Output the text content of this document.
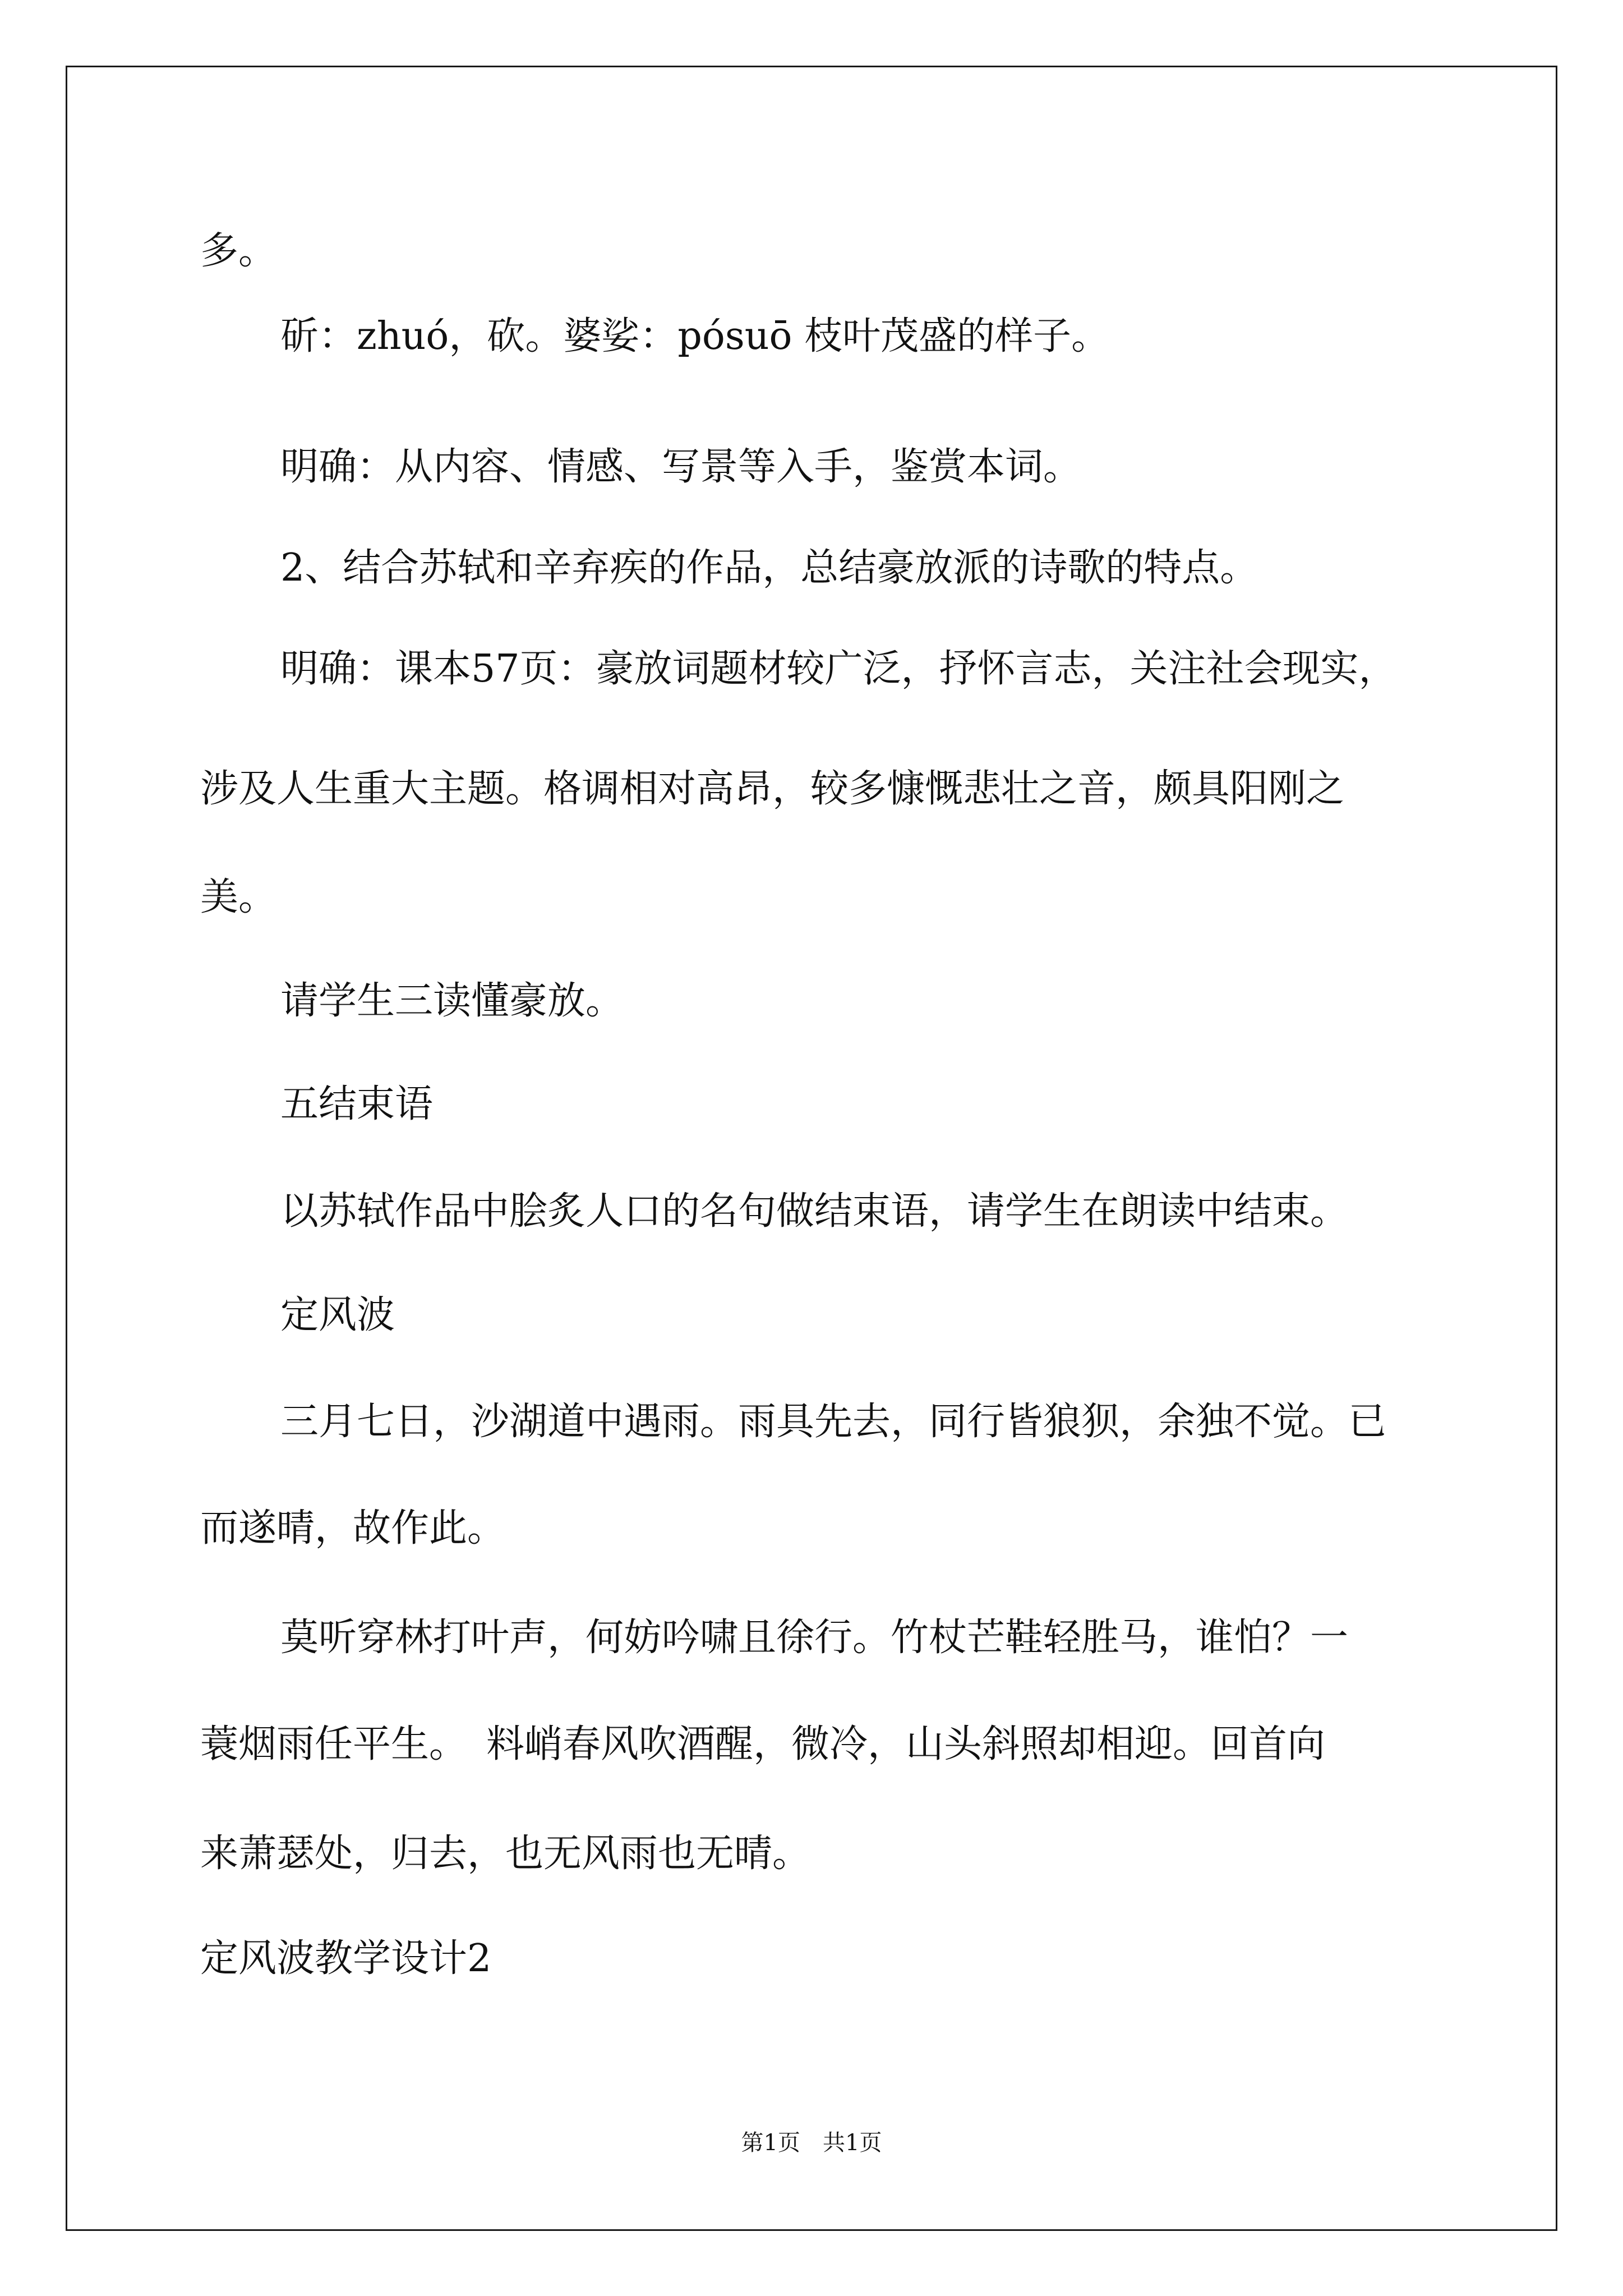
多。

斫：zhuó，砍。婆娑：pósuō 枝叶茂盛的样子。

明确：从内容、情感、写景等入手，鉴赏本词。

2、结合苏轼和辛弃疾的作品，总结豪放派的诗歌的特点。

明确：课本57页：豪放词题材较广泛，抒怀言志，关注社会现实，

涉及人生重大主题。格调相对高昂，较多慷慨悲壮之音，颇具阳刚之

美。

请学生三读懂豪放。

五结束语

以苏轼作品中脍炙人口的名句做结束语，请学生在朗读中结束。

定风波

三月七日，沙湖道中遇雨。雨具先去，同行皆狼狈，余独不觉。已

而遂晴，故作此。

莫听穿林打叶声，何妨吟啸且徐行。竹杖芒鞋轻胜马，谁怕？一

蓑烟雨任平生。　料峭春风吹酒醒，微冷，山头斜照却相迎。回首向

来萧瑟处，归去，也无风雨也无晴。

定风波教学设计2

第1页　共1页
